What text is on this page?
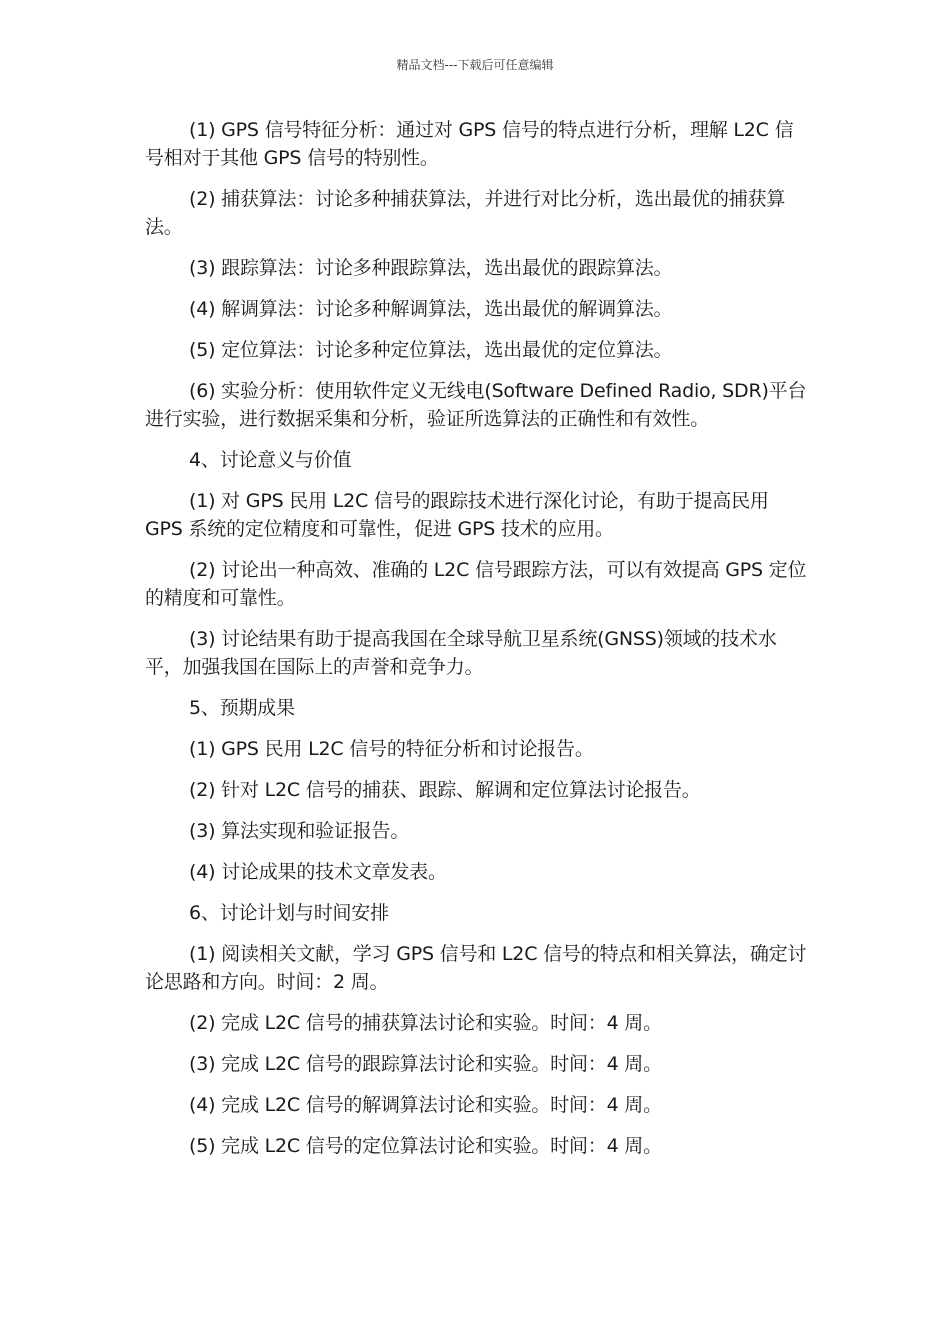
精品文档---下载后可任意编辑

(1) GPS 信号特征分析：通过对 GPS 信号的特点进行分析，理解 L2C 信号相对于其他 GPS 信号的特别性。

(2) 捕获算法：讨论多种捕获算法，并进行对比分析，选出最优的捕获算法。

(3) 跟踪算法：讨论多种跟踪算法，选出最优的跟踪算法。

(4) 解调算法：讨论多种解调算法，选出最优的解调算法。

(5) 定位算法：讨论多种定位算法，选出最优的定位算法。

(6) 实验分析：使用软件定义无线电(Software Defined Radio, SDR)平台进行实验，进行数据采集和分析，验证所选算法的正确性和有效性。

4、讨论意义与价值

(1) 对 GPS 民用 L2C 信号的跟踪技术进行深化讨论，有助于提高民用 GPS 系统的定位精度和可靠性，促进 GPS 技术的应用。

(2) 讨论出一种高效、准确的 L2C 信号跟踪方法，可以有效提高 GPS 定位的精度和可靠性。

(3) 讨论结果有助于提高我国在全球导航卫星系统(GNSS)领域的技术水平，加强我国在国际上的声誉和竞争力。

5、预期成果

(1) GPS 民用 L2C 信号的特征分析和讨论报告。

(2) 针对 L2C 信号的捕获、跟踪、解调和定位算法讨论报告。

(3) 算法实现和验证报告。

(4) 讨论成果的技术文章发表。

6、讨论计划与时间安排

(1) 阅读相关文献，学习 GPS 信号和 L2C 信号的特点和相关算法，确定讨论思路和方向。时间：2 周。

(2) 完成 L2C 信号的捕获算法讨论和实验。时间：4 周。

(3) 完成 L2C 信号的跟踪算法讨论和实验。时间：4 周。

(4) 完成 L2C 信号的解调算法讨论和实验。时间：4 周。

(5) 完成 L2C 信号的定位算法讨论和实验。时间：4 周。
